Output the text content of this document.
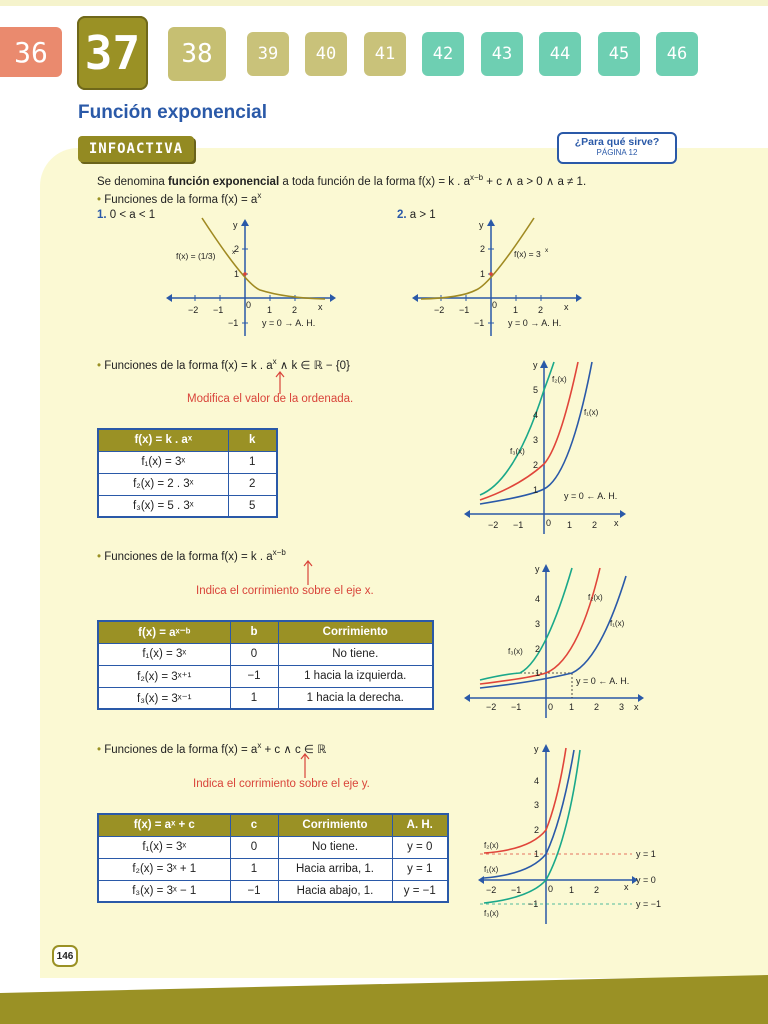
36 37	38	39	40	41	42	43	44	45	46
Función exponencial
INFOACTIVA	¿Para qué sirve?
PÁGINA 12
Se denomina función exponencial a toda función de la forma f(x) = k . $a^{x-b} + c$ ∧ a > 0 ∧ a ≠ 1.
• Funciones de la forma $f(x) = a^x$
1. 0 < a < 1	2. a > 1
−2 −1	0 1 2
2
1
−1
x
y
f(x) = (1/3)	x
y = 0 → A. H.
−2 −1	0 1 2
2
1
−1
x
y
f(x) = 3 x
y = 0 → A. H.
• Funciones de la forma f(x) = k . $a^x$ ∧ k ∈ ℝ − {0}
Modifica el valor de la ordenada.
f(x) = k . aˣ	k
f₁(x) = 3ˣ	1
f₂(x) = 2 . 3ˣ	2
f₃(x) = 5 . 3ˣ	5
−2 −1	0 1 2
5
4
3
2
1
x
y
f₁(x)
f₂(x)
f₃(x)
y = 0 ← A. H.
• Funciones de la forma f(x) = k . $a^{x-b}$
Indica el corrimiento sobre el eje x.
f(x) = aˣ⁻ᵇ	b	Corrimiento
f₁(x) = 3ˣ	0	No tiene.
f₂(x) = 3ˣ⁺¹	−1	1 hacia la izquierda.
f₃(x) = 3ˣ⁻¹	1	1 hacia la derecha.
−2 −1	0 1 2 3
4
3
2
1
x
y
f₁(x)
f₂(x)
f₃(x)
y = 0 ← A. H.
• Funciones de la forma $f(x) = a^x + c$ ∧ c ∈ ℝ
Indica el corrimiento sobre el eje y.
f(x) = aˣ + c	c	Corrimiento	A. H.
f₁(x) = 3ˣ	0	No tiene.	y = 0
f₂(x) = 3ˣ + 1	1	Hacia arriba, 1.	y = 1
f₃(x) = 3ˣ − 1	−1	Hacia abajo, 1.	y = −1	−2 −1	0 1 2
4
3
2
1
−1
x
y
f₂(x)
f₁(x)
f₃(x)
y = 1
y = 0
y = −1
146
